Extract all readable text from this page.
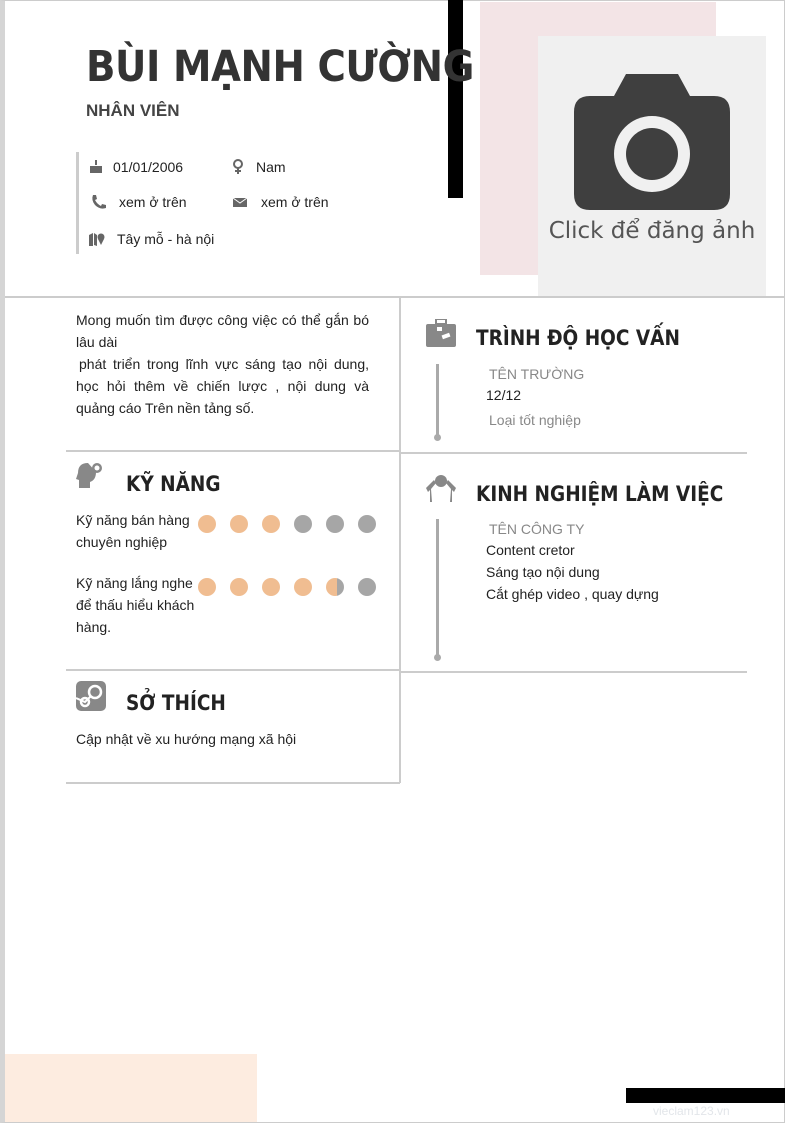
Click để đăng ảnh
BÙI MẠNH CƯỜNG
NHÂN VIÊN
01/01/2006	Nam
xem ở trên	xem ở trên
Tây mỗ - hà nội
Mong muốn tìm được công việc có thể gắn bó lâu dài
phát triển trong lĩnh vực sáng tạo nội dung, học hỏi thêm về chiến lược , nội dung và quảng cáo Trên nền tảng số.
KỸ NĂNG
Kỹ năng bán hàng chuyên nghiệp
Kỹ năng lắng nghe để thấu hiểu khách hàng.
SỞ THÍCH
Cập nhật về xu hướng mạng xã hội
TRÌNH ĐỘ HỌC VẤN
TÊN TRƯỜNG
12/12
Loại tốt nghiệp
KINH NGHIỆM LÀM VIỆC
TÊN CÔNG TY
Content cretor
Sáng tạo nội dung
Cắt ghép video , quay dựng
vieclam123.vn
